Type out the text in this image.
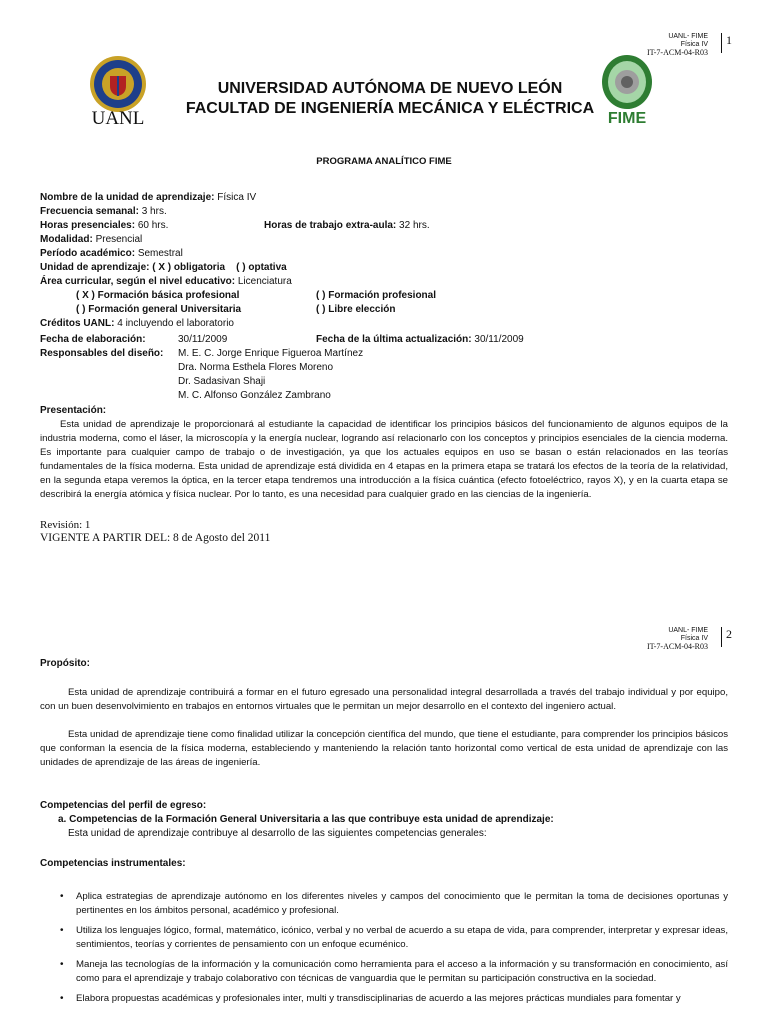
UANL- FIME
Física IV
IT-7-ACM-04-R03
1
UANL
UNIVERSIDAD AUTÓNOMA DE NUEVO LEÓN
FACULTAD DE INGENIERÍA MECÁNICA Y ELÉCTRICA
FIME
PROGRAMA ANALÍTICO FIME
Nombre de la unidad de aprendizaje: Física IV
Frecuencia semanal: 3 hrs.
Horas presenciales: 60 hrs.	Horas de trabajo extra-aula: 32 hrs.
Modalidad: Presencial
Período académico: Semestral
Unidad de aprendizaje: ( X ) obligatoria ( ) optativa
Área curricular, según el nivel educativo: Licenciatura
( X ) Formación básica profesional	( ) Formación profesional
( ) Formación general Universitaria	( ) Libre elección
Créditos UANL: 4 incluyendo el laboratorio
Fecha de elaboración:	30/11/2009	Fecha de la última actualización: 30/11/2009
Responsables del diseño: M. E. C. Jorge Enrique Figueroa Martínez
Dra. Norma Esthela Flores Moreno
Dr. Sadasivan Shaji
M. C. Alfonso González Zambrano
Presentación:
Esta unidad de aprendizaje le proporcionará al estudiante la capacidad de identificar los principios básicos del funcionamiento de algunos equipos de la industria moderna, como el láser, la microscopía y la energía nuclear, logrando así relacionarlo con los conceptos y principios esenciales de la ciencia moderna. Es importante para cualquier campo de trabajo o de investigación, ya que los actuales equipos en uso se basan o están relacionados en las teorías fundamentales de la física moderna. Esta unidad de aprendizaje está dividida en 4 etapas en la primera etapa se tratará los efectos de la teoría de la relatividad, en la segunda etapa veremos la óptica, en la tercer etapa tendremos una introducción a la física cuántica (efecto fotoeléctrico, rayos X), y en la cuarta etapa se describirá la energía atómica y física nuclear. Por lo tanto, es una necesidad para cualquier grado en las ciencias de la ingeniería.
Revisión: 1
VIGENTE A PARTIR DEL: 8 de Agosto del 2011
UANL- FIME
Física IV
IT-7-ACM-04-R03
2
Propósito:
Esta unidad de aprendizaje contribuirá a formar en el futuro egresado una personalidad integral desarrollada a través del trabajo individual y por equipo, con un buen desenvolvimiento en trabajos en entornos virtuales que le permitan un mejor desarrollo en el contexto del ingeniero actual.
Esta unidad de aprendizaje tiene como finalidad utilizar la concepción científica del mundo, que tiene el estudiante, para comprender los principios básicos que conforman la esencia de la física moderna, estableciendo y manteniendo la relación tanto horizontal como vertical de esta unidad de aprendizaje con las unidades de aprendizaje de las áreas de ingeniería.
Competencias del perfil de egreso:
a. Competencias de la Formación General Universitaria a las que contribuye esta unidad de aprendizaje:
Esta unidad de aprendizaje contribuye al desarrollo de las siguientes competencias generales:
Competencias instrumentales:
• Aplica estrategias de aprendizaje autónomo en los diferentes niveles y campos del conocimiento que le permitan la toma de decisiones oportunas y pertinentes en los ámbitos personal, académico y profesional.
• Utiliza los lenguajes lógico, formal, matemático, icónico, verbal y no verbal de acuerdo a su etapa de vida, para comprender, interpretar y expresar ideas, sentimientos, teorías y corrientes de pensamiento con un enfoque ecuménico.
• Maneja las tecnologías de la información y la comunicación como herramienta para el acceso a la información y su transformación en conocimiento, así como para el aprendizaje y trabajo colaborativo con técnicas de vanguardia que le permitan su participación constructiva en la sociedad.
• Elabora propuestas académicas y profesionales inter, multi y transdisciplinarias de acuerdo a las mejores prácticas mundiales para fomentar y
